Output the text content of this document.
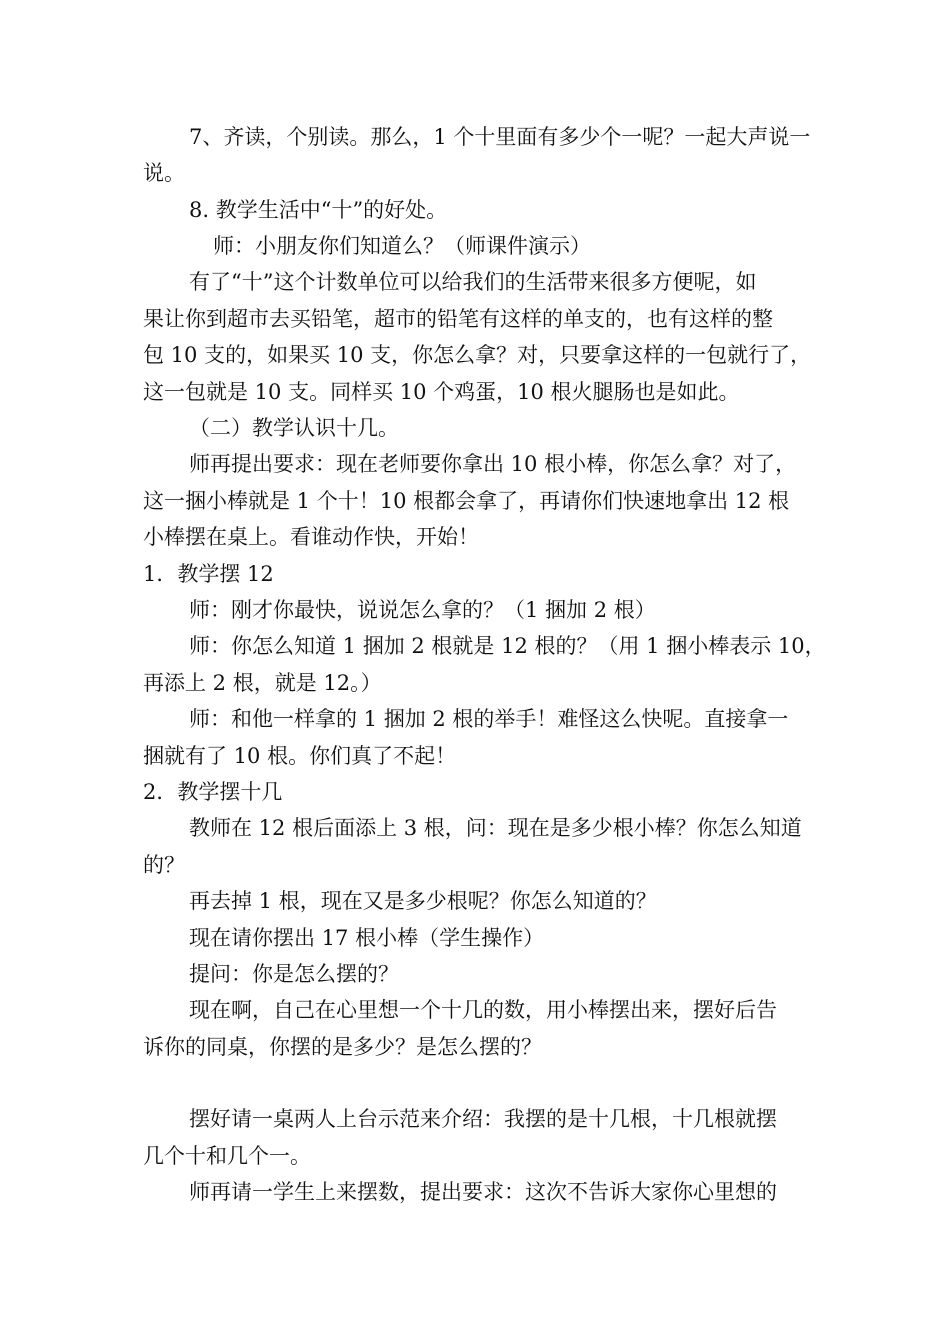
7、齐读，个别读。那么，1 个十里面有多少个一呢？一起大声说一
说。
8. 教学生活中“十”的好处。
师：小朋友你们知道么？（师课件演示）
有了“十”这个计数单位可以给我们的生活带来很多方便呢，如
果让你到超市去买铅笔，超市的铅笔有这样的单支的，也有这样的整
包 10 支的，如果买 10 支，你怎么拿？对，只要拿这样的一包就行了，
这一包就是 10 支。同样买 10 个鸡蛋，10 根火腿肠也是如此。
（二）教学认识十几。
师再提出要求：现在老师要你拿出 10 根小棒，你怎么拿？对了，
这一捆小棒就是 1 个十！10 根都会拿了，再请你们快速地拿出 12 根
小棒摆在桌上。看谁动作快，开始！
1．教学摆 12
师：刚才你最快，说说怎么拿的？（1 捆加 2 根）
师：你怎么知道 1 捆加 2 根就是 12 根的？（用 1 捆小棒表示 10，
再添上 2 根，就是 12。）
师：和他一样拿的 1 捆加 2 根的举手！难怪这么快呢。直接拿一
捆就有了 10 根。你们真了不起！
2．教学摆十几
教师在 12 根后面添上 3 根，问：现在是多少根小棒？你怎么知道
的？
再去掉 1 根，现在又是多少根呢？你怎么知道的？
现在请你摆出 17 根小棒（学生操作）
提问：你是怎么摆的？
现在啊，自己在心里想一个十几的数，用小棒摆出来，摆好后告
诉你的同桌，你摆的是多少？是怎么摆的？
摆好请一桌两人上台示范来介绍：我摆的是十几根，十几根就摆
几个十和几个一。
师再请一学生上来摆数，提出要求：这次不告诉大家你心里想的
